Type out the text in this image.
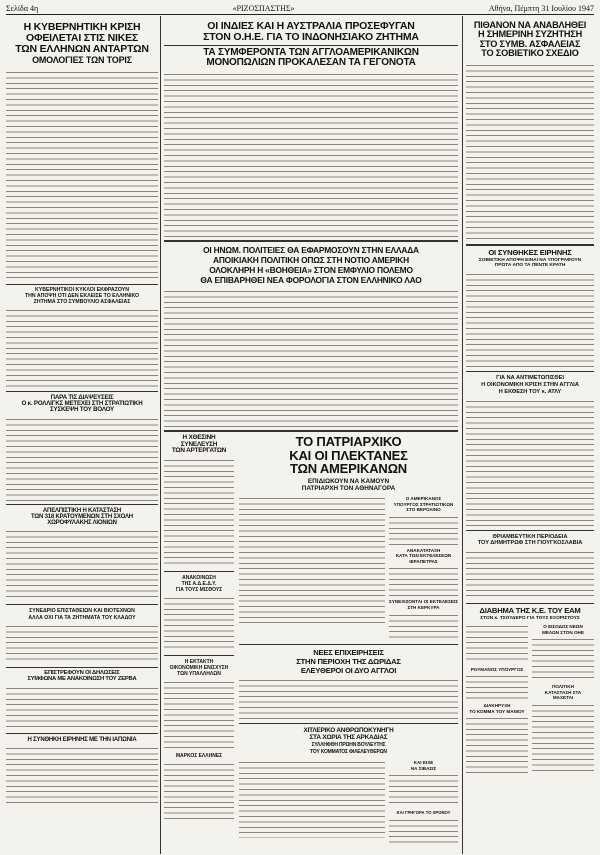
Σελίδα 4η	«ΡΙΖΟΣΠΑΣΤΗΣ»	Αθήνα, Πέμπτη 31 Ιουλίου 1947
Η ΚΥΒΕΡΝΗΤΙΚΗ ΚΡΙΣΗ
ΟΦΕΙΛΕΤΑΙ ΣΤΙΣ ΝΙΚΕΣ
ΤΩΝ ΕΛΛΗΝΩΝ ΑΝΤΑΡΤΩΝ
ΟΜΟΛΟΓΙΕΣ ΤΩΝ ΤΟΡΙΣ
ΚΥΒΕΡΝΗΤΙΚΟΙ ΚΥΚΛΟΙ ΕΚΦΡΑΖΟΥΝ
ΤΗΝ ΑΠΟΨΗ ΟΤΙ ΔΕΝ ΕΚΛΕΙΣΕ ΤΟ ΕΛΛΗΝΙΚΟ
ΖΗΤΗΜΑ ΣΤΟ ΣΥΜΒΟΥΛΙΟ ΑΣΦΑΛΕΙΑΣ
ΠΑΡΑ ΤΙΣ ΔΙΑΨΕΥΣΕΙΣ
Ο κ. ΡΟΛΛΙΓΚΣ ΜΕΤΕΧΕΙ ΣΤΗ ΣΤΡΑΤΙΩΤΙΚΗ
ΣΥΣΚΕΨΗ ΤΟΥ ΒΟΛΟΥ
ΑΠΕΛΠΙΣΤΙΚΗ Η ΚΑΤΑΣΤΑΣΗ
ΤΩΝ 318 ΚΡΑΤΟΥΜΕΝΩΝ ΣΤΗ ΣΧΟΛΗ
ΧΩΡΟΦΥΛΑΚΗΣ ΛΙΟΝΙΩΝ
ΣΥΝΕΔΡΙΟ ΕΠΙΣΤΑΘΕΙΩΝ ΚΑΙ ΒΙΟΤΕΧΝΩΝ
ΑΛΛΑ ΟΧΙ ΓΙΑ ΤΑ ΖΗΤΗΜΑΤΑ ΤΟΥ ΚΛΑΔΟΥ
ΕΠΙΣΤΡΕΦΟΥΝ ΟΙ ΔΗΛΩΣΕΙΣ
ΣΥΜΦΩΝΑ ΜΕ ΑΝΑΚΟΙΝΩΣΗ ΤΟΥ ΖΕΡΒΑ
Η ΣΥΝΘΗΚΗ ΕΙΡΗΝΗΣ ΜΕ ΤΗΝ ΙΑΠΩΝΙΑ
ΟΙ ΙΝΔΙΕΣ ΚΑΙ Η ΑΥΣΤΡΑΛΙΑ ΠΡΟΣΕΦΥΓΑΝ
ΣΤΟΝ Ο.Η.Ε. ΓΙΑ ΤΟ ΙΝΔΟΝΗΣΙΑΚΟ ΖΗΤΗΜΑ
ΤΑ ΣΥΜΦΕΡΟΝΤΑ ΤΩΝ ΑΓΓΛΟΑΜΕΡΙΚΑΝΙΚΩΝ
ΜΟΝΟΠΩΛΙΩΝ ΠΡΟΚΑΛΕΣΑΝ ΤΑ ΓΕΓΟΝΟΤΑ
ΟΙ ΗΝΩΜ. ΠΟΛΙΤΕΙΕΣ ΘΑ ΕΦΑΡΜΟΣΟΥΝ ΣΤΗΝ ΕΛΛΑΔΑ
ΑΠΟΙΚΙΑΚΗ ΠΟΛΙΤΙΚΗ ΟΠΩΣ ΣΤΗ ΝΟΤΙΟ ΑΜΕΡΙΚΗ
ΟΛΟΚΛΗΡΗ Η «ΒΟΗΘΕΙΑ» ΣΤΟΝ ΕΜΦΥΛΙΟ ΠΟΛΕΜΟ
ΘΑ ΕΠΙΒΑΡΗΘΕΙ ΝΕΑ ΦΟΡΟΛΟΓΙΑ ΣΤΟΝ ΕΛΛΗΝΙΚΟ ΛΑΟ
Η ΧΘΕΣΙΝΗ
ΣΥΝΕΛΕΥΣΗ
ΤΩΝ ΑΡΤΕΡΓΑΤΩΝ
ΑΝΑΚΟΙΝΩΣΗ
ΤΗΣ Α.Δ.Ε.Δ.Υ.
ΓΙΑ ΤΟΥΣ ΜΙΣΘΟΥΣ
Η ΕΚΤΑΚΤΗ
ΟΙΚΟΝΟΜΙΚΗ ΕΝΙΣΧΥΣΗ
ΤΩΝ ΥΠΑΛΛΗΛΩΝ
ΜΑΡΚΟΣ ΕΛΛΗΝΕΣ
ΤΟ ΠΑΤΡΙΑΡΧΙΚΟ
ΚΑΙ ΟΙ ΠΛΕΚΤΑΝΕΣ
ΤΩΝ ΑΜΕΡΙΚΑΝΩΝ
ΕΠΙΔΙΩΚΟΥΝ ΝΑ ΚΑΜΟΥΝ
ΠΑΤΡΙΑΡΧΗ ΤΟΝ ΑΘΗΝΑΓΟΡΑ
Ο ΑΜΕΡΙΚΑΝΟΣ
ΥΠΟΥΡΓΟΣ ΣΤΡΑΤΙΩΤΙΚΩΝ
ΣΤΟ ΒΕΡΟΛΙΝΟ
ΑΝΑΚΑΤΑΤΑΞΗ
ΚΑΤΑ ΤΩΝ ΕΚΤΕΛΕΣΕΩΝ
ΙΕΡΑΠΕΤΡΑΣ
ΣΥΝΕΧΙΖΟΝΤΑΙ ΟΙ ΕΚΤΕΛΕΣΕΙΣ
ΣΤΗ ΚΕΡΚΥΡΑ
ΝΕΕΣ ΕΠΙΧΕΙΡΗΣΕΙΣ
ΣΤΗΝ ΠΕΡΙΟΧΗ ΤΗΣ ΔΩΡΙΔΑΣ
ΕΛΕΥΘΕΡΟΙ ΟΙ ΔΥΟ ΑΓΓΛΟΙ
ΧΙΤΛΕΡΙΚΟ ΑΝΘΡΩΠΟΚΥΝΗΓΗ
ΣΤΑ ΧΩΡΙΑ ΤΗΣ ΑΡΚΑΔΙΑΣ
ΣΥΛΛΗΦΘΗ ΠΡΩΗΝ ΒΟΥΛΕΥΤΗΣ
ΤΟΥ ΚΟΜΜΑΤΟΣ ΦΙΛΕΛΕΥΘΕΡΩΝ
ΚΑΙ ΕΙΧΕ
ΝΑ ΣΙΒΑΣΙΣ
ΚΑΙ ΓΡΗΓΟΡΑ ΤΟ ΧΡΟΝΟΥ
ΠΙΘΑΝΟΝ ΝΑ ΑΝΑΒΛΗΘΕΙ
Η ΣΗΜΕΡΙΝΗ ΣΥΖΗΤΗΣΗ
ΣΤΟ ΣΥΜΒ. ΑΣΦΑΛΕΙΑΣ
ΤΟ ΣΟΒΙΕΤΙΚΟ ΣΧΕΔΙΟ
ΟΙ ΣΥΝΘΗΚΕΣ ΕΙΡΗΝΗΣ
ΣΟΒΙΕΤΙΚΗ ΑΠΟΨΗ ΕΙΝΑΙ ΝΑ ΥΠΟΓΡΑΦΟΥΝ
ΠΡΩΤΑ ΑΠΟ ΤΑ ΠΕΝΤΕ ΚΡΑΤΗ
ΓΙΑ ΝΑ ΑΝΤΙΜΕΤΩΠΙΣΘΕΙ
Η ΟΙΚΟΝΟΜΙΚΗ ΚΡΙΣΗ ΣΤΗΝ ΑΓΓΛΙΑ
Η ΕΚΘΕΣΗ ΤΟΥ κ. ΑΤΛΥ
ΘΡΙΑΜΒΕΥΤΙΚΗ ΠΕΡΙΟΔΕΙΑ
ΤΟΥ ΔΗΜΗΤΡΩΦ ΣΤΗ ΓΙΟΥΓΚΟΣΛΑΒΙΑ
ΔΙΑΒΗΜΑ ΤΗΣ Κ.Ε. ΤΟΥ ΕΑΜ
ΣΤΟΝ κ. ΤΣΟΥΔΕΡΟ ΓΙΑ ΤΟΥΣ ΕΞΟΡΙΣΤΟΥΣ
ΡΟΥΜΑΝΟΣ ΥΠΟΥΡΓΟΣ
ΔΙΑΚΗΡΥΞΗ
ΤΟ ΚΟΜΜΑ ΤΟΥ ΜΑΝΙΟΥ
Ο ΕΙΣΟΔΟΣ ΝΕΩΝ
ΜΕΛΩΝ ΣΤΟΝ ΟΗΕ
ΠΟΛΙΤΙΚΗ
ΚΑΤΑΣΤΑΣΗ ΣΤΑ
ΜΑΧΕΤΑΙ
